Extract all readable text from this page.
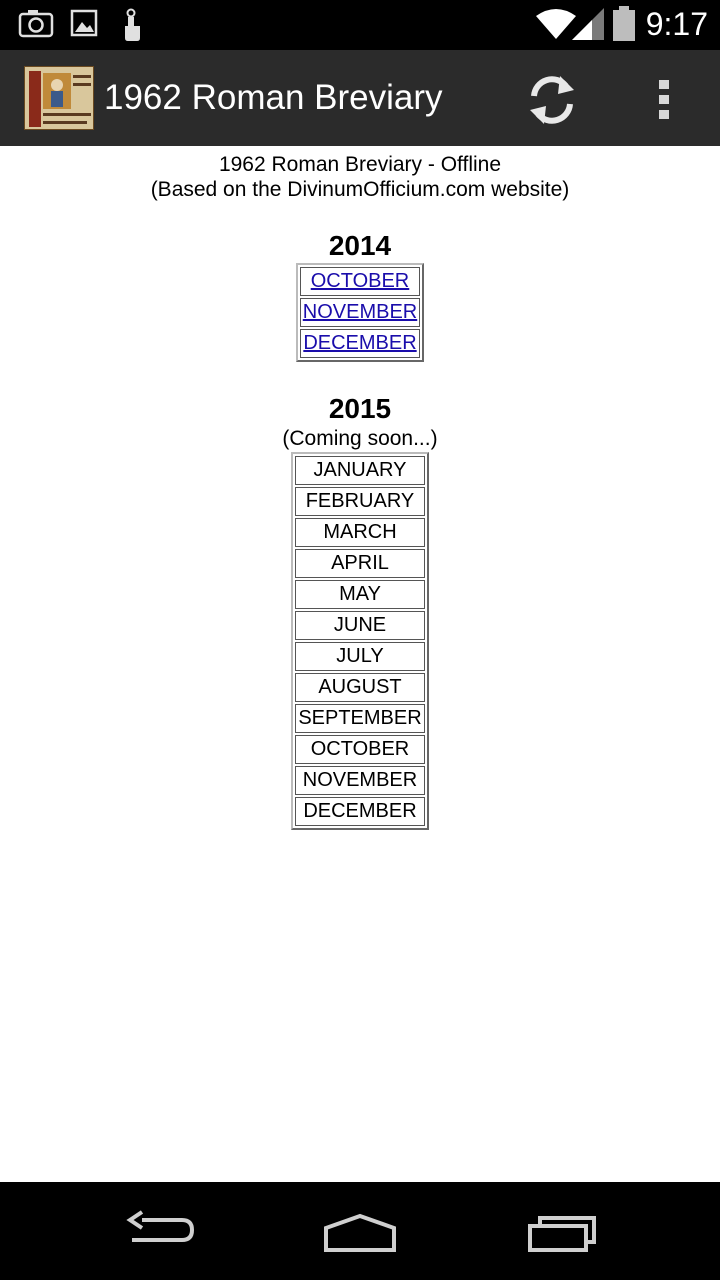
9:17
1962 Roman Breviary
1962 Roman Breviary - Offline
(Based on the DivinumOfficium.com website)
2014
OCTOBER
NOVEMBER
DECEMBER
2015
(Coming soon...)
JANUARY
FEBRUARY
MARCH
APRIL
MAY
JUNE
JULY
AUGUST
SEPTEMBER
OCTOBER
NOVEMBER
DECEMBER
